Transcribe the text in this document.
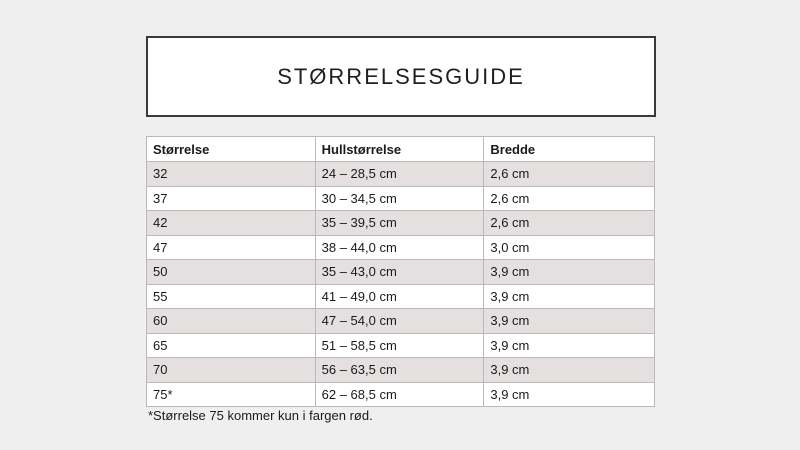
STØRRELSESGUIDE
Størrelse	Hullstørrelse	Bredde
32	24 – 28,5 cm	2,6 cm
37	30 – 34,5 cm	2,6 cm
42	35 – 39,5 cm	2,6 cm
47	38 – 44,0 cm	3,0 cm
50	35 – 43,0 cm	3,9 cm
55	41 – 49,0 cm	3,9 cm
60	47 – 54,0 cm	3,9 cm
65	51 – 58,5 cm	3,9 cm
70	56 – 63,5 cm	3,9 cm
75*	62 – 68,5 cm	3,9 cm
*Størrelse 75 kommer kun i fargen rød.
